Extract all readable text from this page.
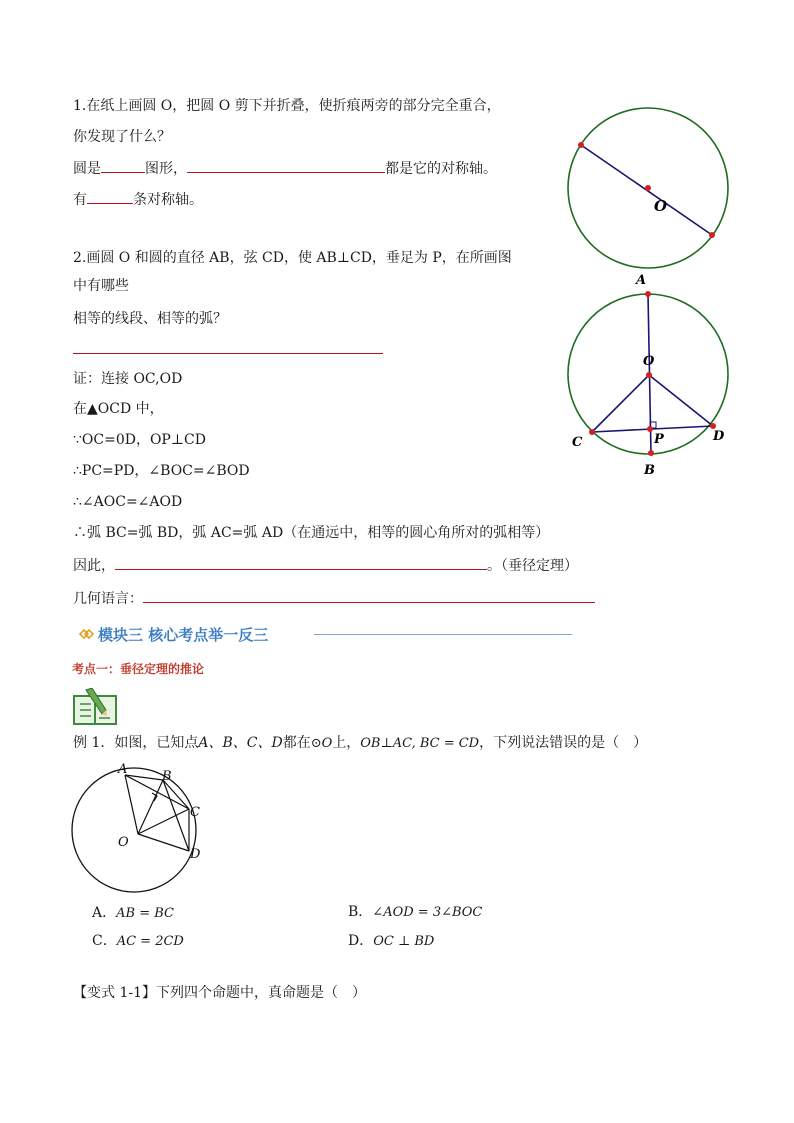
1.在纸上画圆 O，把圆 O 剪下并折叠，使折痕两旁的部分完全重合，
你发现了什么？
圆是	图形，	都是它的对称轴。
有	条对称轴。
2.画圆 O 和圆的直径 AB，弦 CD，使 AB⊥CD，垂足为 P，在所画图
中有哪些
相等的线段、相等的弧？
证：连接 OC,OD
在▲OCD 中，
∵OC=0D，OP⊥CD
∴PC=PD，∠BOC=∠BOD
∴∠AOC=∠AOD
∴弧 BC=弧 BD，弧 AC=弧 AD（在通远中，相等的圆心角所对的弧相等）
因此，	。（垂径定理）
几何语言：
模块三 核心考点举一反三
考点一：垂径定理的推论
例 1．如图，已知点A、B、C、D都在⊙O上，OB⊥AC, BC = CD，下列说法错误的是（　）
A．AB = BC	B．∠AOD = 3∠BOC
C．AC = 2CD	D．OC ⊥ BD
【变式 1-1】下列四个命题中，真命题是（　）
O
A
O
C	P	D
B
A	B
C
O
D
